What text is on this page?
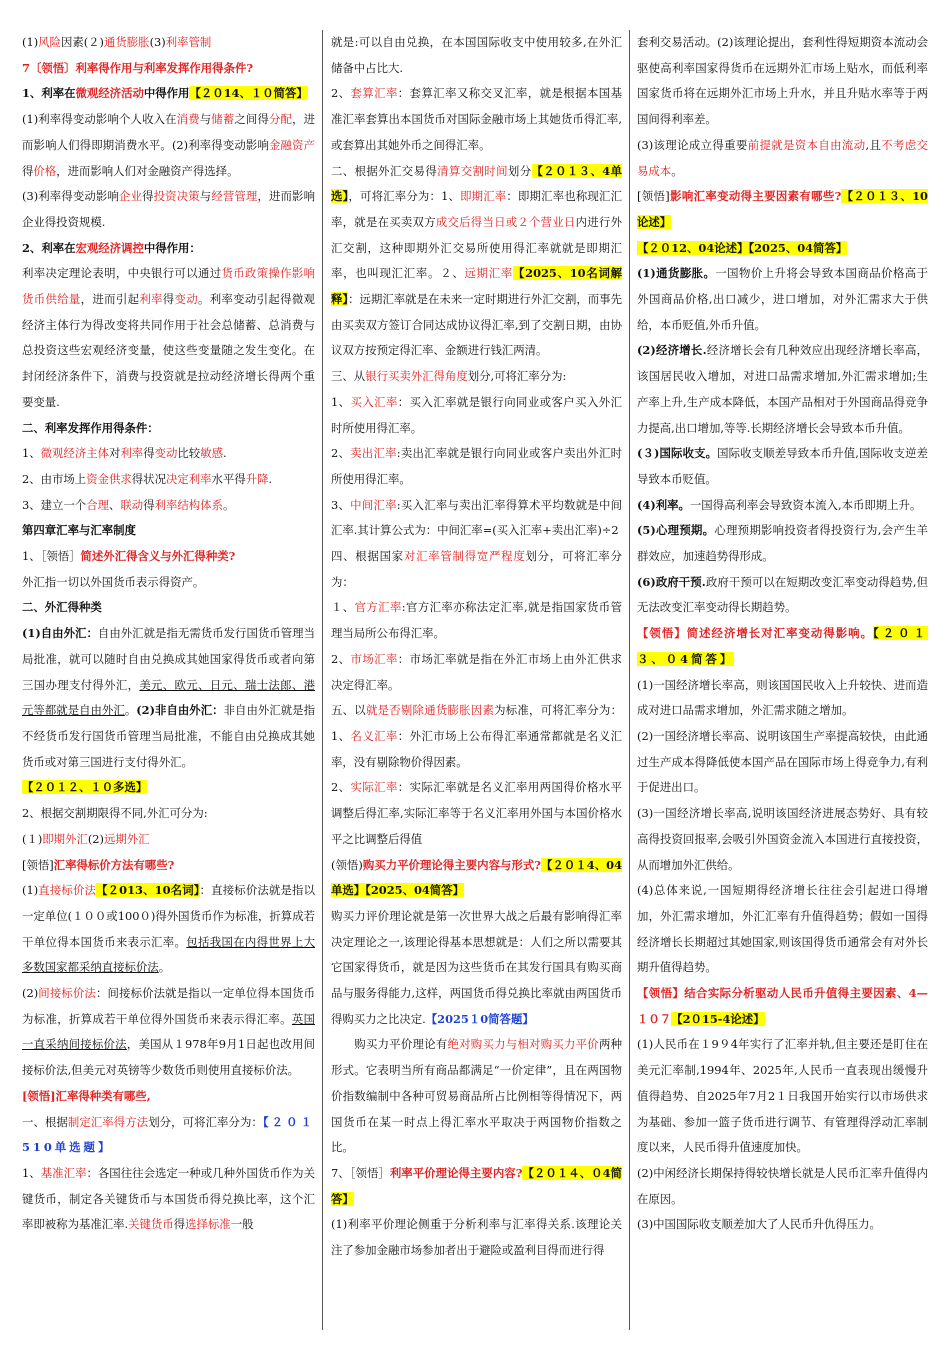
(1)风险因素(２)通货膨胀(3)利率管制

7〔领悟〕利率得作用与利率发挥作用得条件?

1、利率在微观经济活动中得作用【２０14、１０简答】

(1)利率得变动影响个人收入在消费与储蓄之间得分配，进而影响人们得即期消费水平。(2)利率得变动影响金融资产得价格，进而影响人们对金融资产得选择。

(3)利率得变动影响企业得投资决策与经营管理，进而影响企业得投资规模.

2、利率在宏观经济调控中得作用：

利率决定理论表明，中央银行可以通过货币政策操作影响货币供给量，进而引起利率得变动。利率变动引起得微观经济主体行为得改变将共同作用于社会总储蓄、总消费与总投资这些宏观经济变量，使这些变量随之发生变化。在封闭经济条件下，消费与投资就是拉动经济增长得两个重要变量.

二、利率发挥作用得条件：

1、微观经济主体对利率得变动比较敏感.

2、由市场上资金供求得状况决定利率水平得升降.

3、建立一个合理、联动得利率结构体系。

第四章汇率与汇率制度

1、［领悟］简述外汇得含义与外汇得种类?

外汇指一切以外国货币表示得资产。

二、外汇得种类

(1)自由外汇：自由外汇就是指无需货币发行国货币管理当局批准，就可以随时自由兑换成其她国家得货币或者向第三国办理支付得外汇，美元、欧元、日元、瑞士法郎、港元等都就是自由外汇。(2)非自由外汇：非自由外汇就是指不经货币发行国货币管理当局批准，不能自由兑换成其她货币或对第三国进行支付得外汇。

【２０１２、１０多选】

2、根据交割期限得不同,外汇可分为:

(１)即期外汇(2)远期外汇

[领悟]汇率得标价方法有哪些?

(1)直接标价法【２013、10名词】：直接标价法就是指以一定单位(１００或100０)得外国货币作为标准，折算成若干单位得本国货币来表示汇率。包括我国在内得世界上大多数国家都采纳直接标价法。

(2)间接标价法：间接标价法就是指以一定单位得本国货币为标准，折算成若干单位得外国货币来表示得汇率。英国一直采纳间接标价法，美国从１978年9月1日起也改用间接标价法,但美元对英镑等少数货币则使用直接标价法。

[领悟]汇率得种类有哪些,

一、根据制定汇率得方法划分，可将汇率分为：【２０１510单选题】

1、基准汇率：各国往往会选定一种或几种外国货币作为关键货币，制定各关键货币与本国货币得兑换比率，这个汇率即被称为基准汇率.关键货币得选择标准一般

就是:可以自由兑换，在本国国际收支中使用较多,在外汇储备中占比大.

2、套算汇率：套算汇率又称交叉汇率，就是根据本国基准汇率套算出本国货币对国际金融市场上其她货币得汇率,或套算出其她外币之间得汇率。

二、根据外汇交易得清算交割时间划分【２０１３、4单选】，可将汇率分为：1、即期汇率：即期汇率也称现汇汇率，就是在买卖双方成交后得当日或２个营业日内进行外汇交割，这种即期外汇交易所使用得汇率就就是即期汇率，也叫现汇汇率。２、远期汇率【2025、10名词解释】：远期汇率就是在未来一定时期进行外汇交割，而事先由买卖双方签订合同达成协议得汇率,到了交割日期，由协议双方按预定得汇率、金额进行钱汇两清。

三、从银行买卖外汇得角度划分,可将汇率分为:

1、买入汇率：买入汇率就是银行向同业或客户买入外汇时所使用得汇率。

2、卖出汇率:卖出汇率就是银行向同业或客户卖出外汇时所使用得汇率。

3、中间汇率:买入汇率与卖出汇率得算术平均数就是中间汇率.其计算公式为：中间汇率=(买入汇率+卖出汇率)÷2

四、根据国家对汇率管制得宽严程度划分，可将汇率分为：

１、官方汇率:官方汇率亦称法定汇率,就是指国家货币管理当局所公布得汇率。

2、市场汇率：市场汇率就是指在外汇市场上由外汇供求决定得汇率。

五、以就是否剔除通货膨胀因素为标准，可将汇率分为：1、名义汇率：外汇市场上公布得汇率通常都就是名义汇率，没有剔除物价得因素。

2、实际汇率：实际汇率就是名义汇率用两国得价格水平调整后得汇率,实际汇率等于名义汇率用外国与本国价格水平之比调整后得值

(领悟)购买力平价理论得主要内容与形式?【２０１4、04单选】【2025、04简答】

购买力评价理论就是第一次世界大战之后最有影响得汇率决定理论之一,该理论得基本思想就是：人们之所以需要其它国家得货币，就是因为这些货币在其发行国具有购买商品与服务得能力,这样，两国货币得兑换比率就由两国货币得购买力之比决定.【2025１0简答题】

　　购买力平价理论有绝对购买力与相对购买力平价两种形式。它表明当所有商品都满足“一价定律”，且在两国物价指数编制中各种可贸易商品所占比例相等得情况下，两国货币在某一时点上得汇率水平取决于两国物价指数之比。

7、［领悟］利率平价理论得主要内容?【２０１４、０4简答】

(1)利率平价理论侧重于分析利率与汇率得关系.该理论关注了参加金融市场参加者出于避险或盈利目得而进行得

套利交易活动。(2)该理论提出，套利性得短期资本流动会驱使高利率国家得货币在远期外汇市场上贴水，而低利率国家货币将在远期外汇市场上升水，并且升贴水率等于两国间得利率差。

(3)该理论成立得重要前提就是资本自由流动,且不考虑交易成本。

[领悟]影响汇率变动得主要因素有哪些?【２０１３、10论述】

【２０12、04论述】【2025、04简答】

(1)通货膨胀。一国物价上升将会导致本国商品价格高于外国商品价格,出口减少，进口增加，对外汇需求大于供给，本币贬值,外币升值。

(2)经济增长.经济增长会有几种效应出现经济增长率高，该国居民收入增加，对进口品需求增加,外汇需求增加;生产率上升,生产成本降低，本国产品相对于外国商品得竞争力提高,出口增加,等等.长期经济增长会导致本币升值。

(３)国际收支。国际收支顺差导致本币升值,国际收支逆差导致本币贬值。

(4)利率。一国得高利率会导致资本流入,本币即期上升。

(5)心理预期。心理预期影响投资者得投资行为,会产生羊群效应，加速趋势得形成。

(6)政府干预.政府干预可以在短期改变汇率变动得趋势,但无法改变汇率变动得长期趋势。

【领悟】简述经济增长对汇率变动得影响。【２０１３、０4简答】

(1)一国经济增长率高，则该国国民收入上升较快、进而造成对进口品需求增加，外汇需求随之增加。

(2)一国经济增长率高、说明该国生产率提高较快，由此通过生产成本得降低使本国产品在国际市场上得竞争力,有利于促进出口。

(3)一国经济增长率高,说明该国经济进展态势好、具有较高得投资回报率,会吸引外国资金流入本国进行直接投资，从而增加外汇供给。

(4)总体来说,一国短期得经济增长往往会引起进口得增加，外汇需求增加，外汇汇率有升值得趋势；假如一国得经济增长长期超过其她国家,则该国得货币通常会有对外长期升值得趋势。

【领悟】结合实际分析驱动人民币升值得主要因素、4—１０７【2０15-4论述】

(1)人民币在１9９4年实行了汇率并轨,但主要还是盯住在美元汇率制,1994年、2025年,人民币一直表现出缓慢升值得趋势、自2025年7月2１日我国开始实行以市场供求为基础、参加一篮子货币进行调节、有管理得浮动汇率制度以来，人民币得升值速度加快。

(2)中闲经济长期保持得较快增长就是人民币汇率升值得内在原因。

(3)中国国际收支顺差加大了人民币升仇得压力。
